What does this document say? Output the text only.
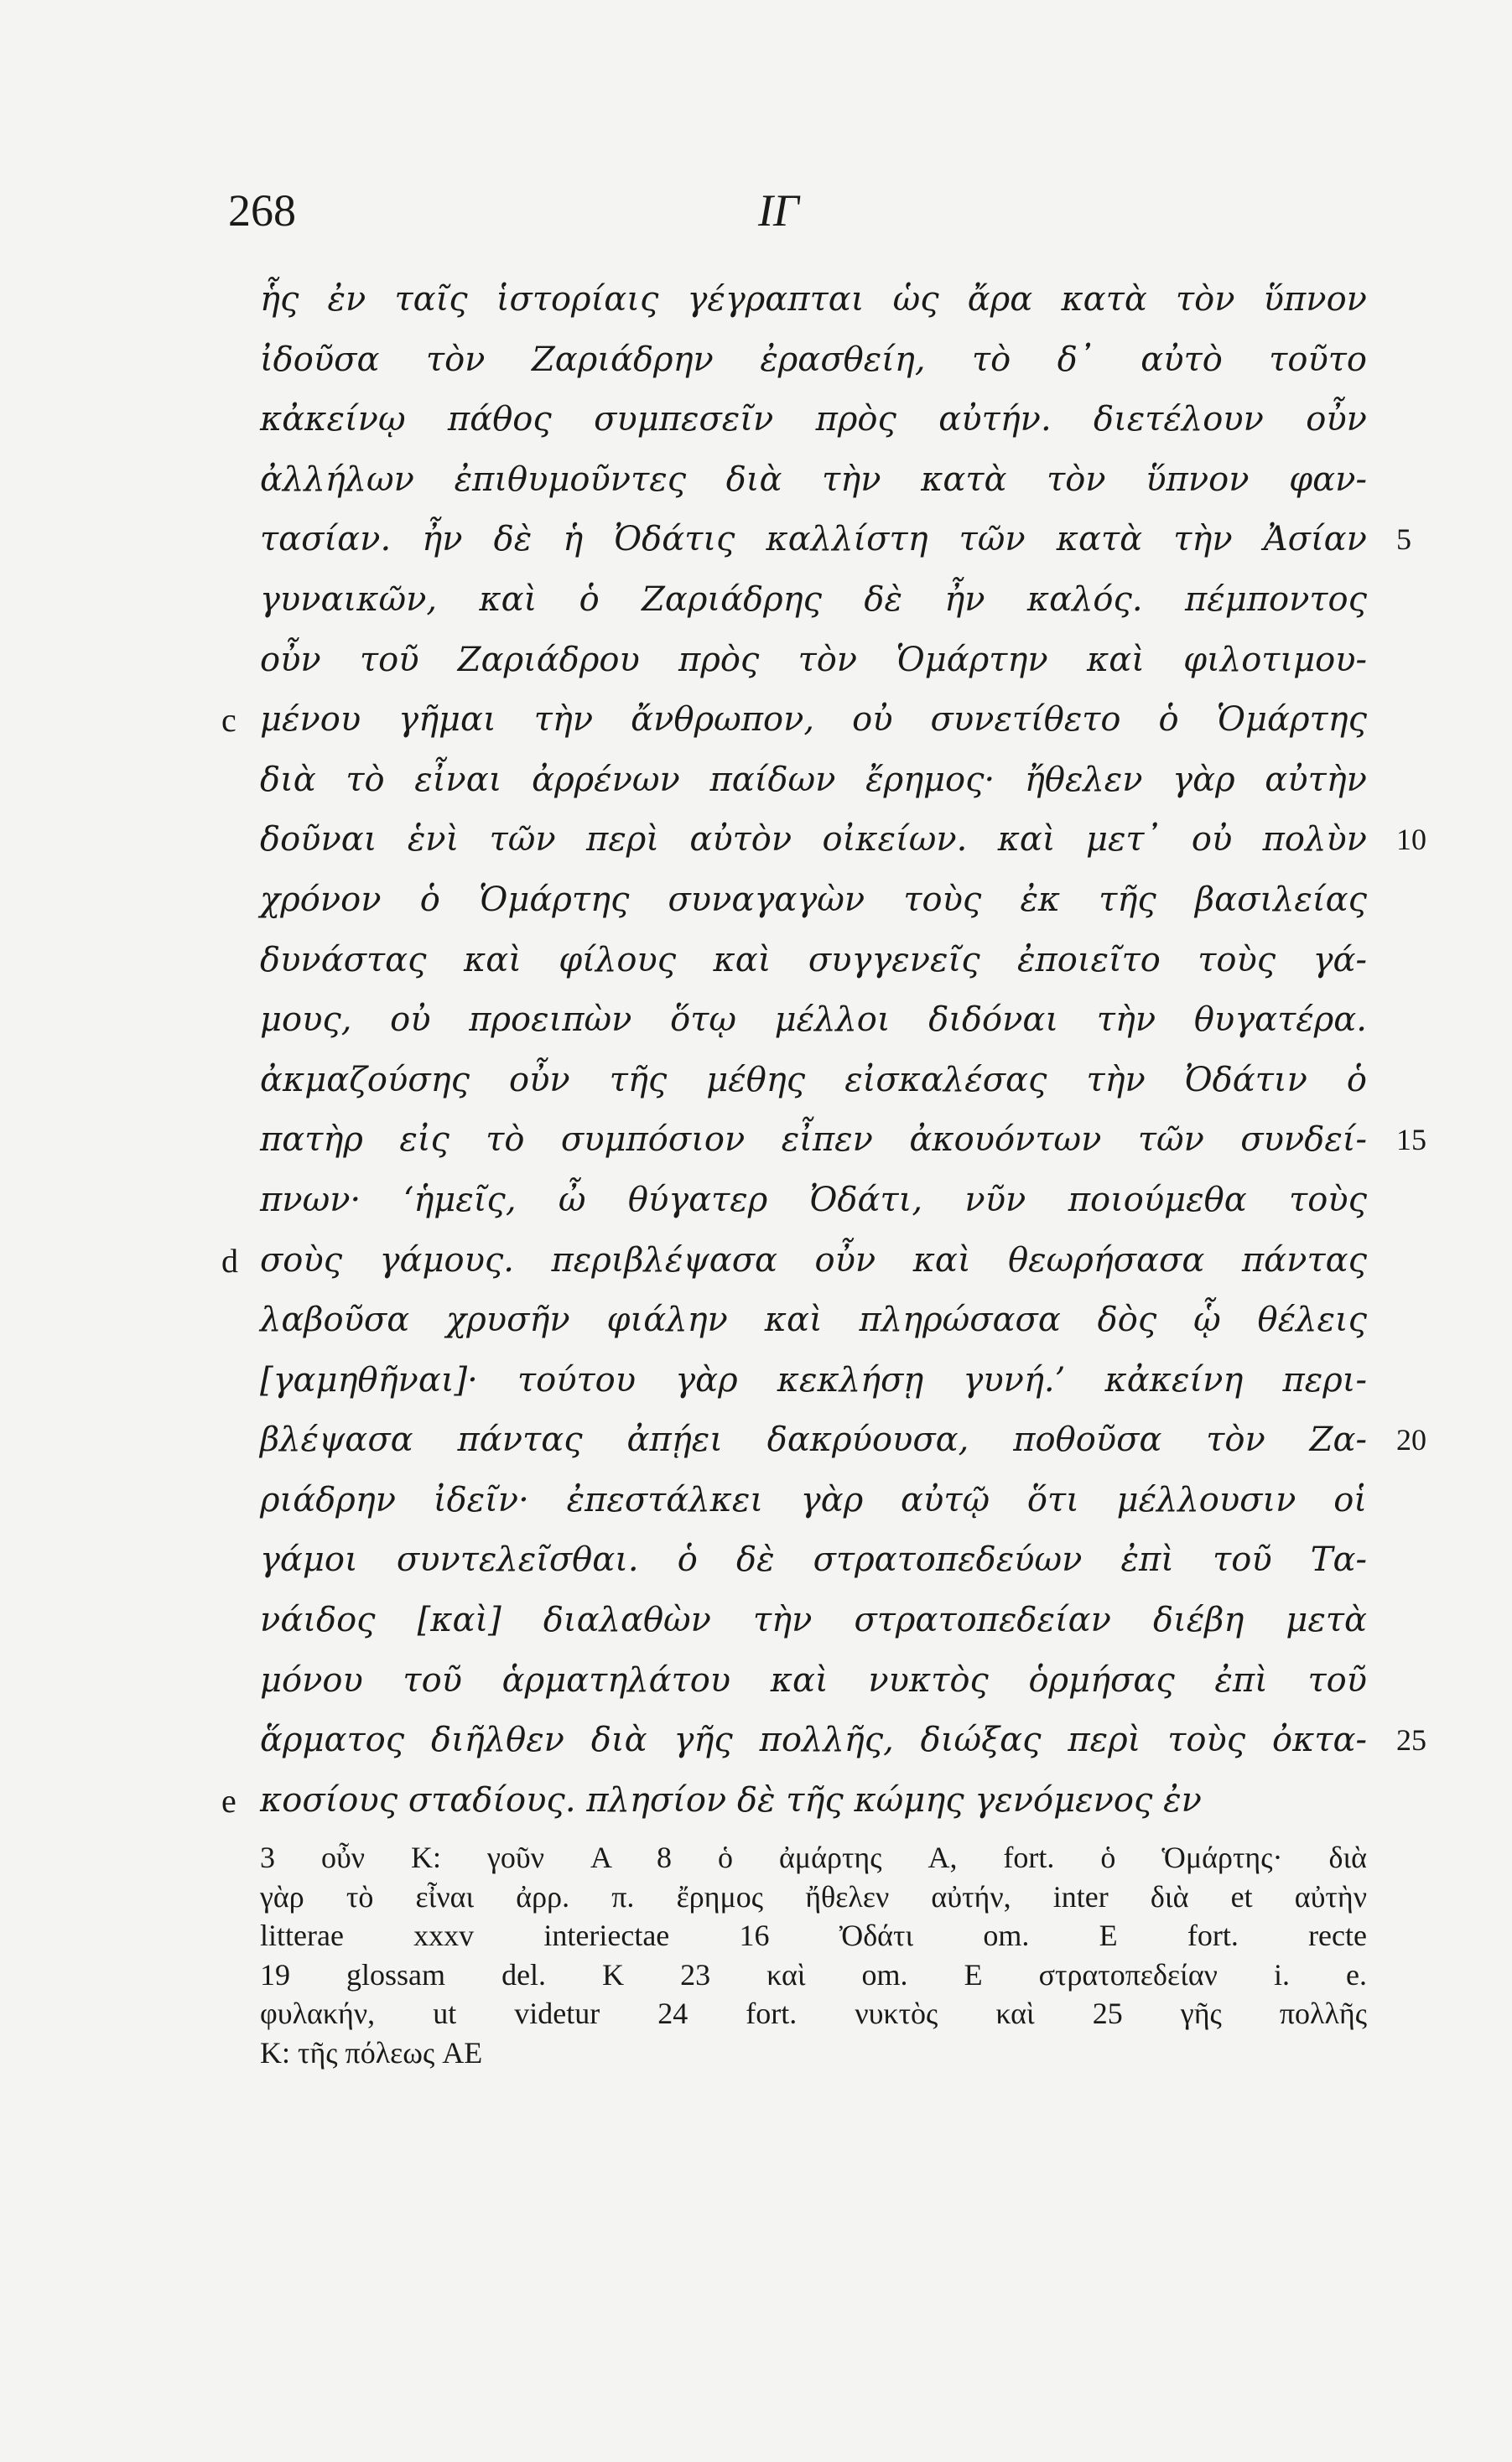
268	ΙΓ
ἧς ἐν ταῖς ἱστορίαις γέγραπται ὡς ἄρα κατὰ τὸν ὕπνον
ἰδοῦσα τὸν Ζαριάδρην ἐρασθείη, τὸ δ᾽ αὐτὸ τοῦτο
κἀκείνῳ πάθος συμπεσεῖν πρὸς αὐτήν. διετέλουν οὖν
ἀλλήλων ἐπιθυμοῦντες διὰ τὴν κατὰ τὸν ὕπνον φαν-
τασίαν. ἦν δὲ ἡ Ὀδάτις καλλίστη τῶν κατὰ τὴν Ἀσίαν 5
γυναικῶν, καὶ ὁ Ζαριάδρης δὲ ἦν καλός. πέμποντος
οὖν τοῦ Ζαριάδρου πρὸς τὸν Ὁμάρτην καὶ φιλοτιμου-
c μένου γῆμαι τὴν ἄνθρωπον, οὐ συνετίθετο ὁ Ὁμάρτης
διὰ τὸ εἶναι ἀρρένων παίδων ἔρημος· ἤθελεν γὰρ αὐτὴν
δοῦναι ἑνὶ τῶν περὶ αὐτὸν οἰκείων. καὶ μετ᾽ οὐ πολὺν 10
χρόνον ὁ Ὁμάρτης συναγαγὼν τοὺς ἐκ τῆς βασιλείας
δυνάστας καὶ φίλους καὶ συγγενεῖς ἐποιεῖτο τοὺς γά-
μους, οὐ προειπὼν ὅτῳ μέλλοι διδόναι τὴν θυγατέρα.
ἀκμαζούσης οὖν τῆς μέθης εἰσκαλέσας τὴν Ὀδάτιν ὁ
πατὴρ εἰς τὸ συμπόσιον εἶπεν ἀκουόντων τῶν συνδεί- 15
πνων· ‘ἡμεῖς, ὦ θύγατερ Ὀδάτι, νῦν ποιούμεθα τοὺς
d σοὺς γάμους. περιβλέψασα οὖν καὶ θεωρήσασα πάντας
λαβοῦσα χρυσῆν φιάλην καὶ πληρώσασα δὸς ᾧ θέλεις
[γαμηθῆναι]· τούτου γὰρ κεκλήσῃ γυνή.’ κἀκείνη περι-
βλέψασα πάντας ἀπῄει δακρύουσα, ποθοῦσα τὸν Ζα- 20
ριάδρην ἰδεῖν· ἐπεστάλκει γὰρ αὐτῷ ὅτι μέλλουσιν οἱ
γάμοι συντελεῖσθαι. ὁ δὲ στρατοπεδεύων ἐπὶ τοῦ Τα-
νάιδος [καὶ] διαλαθὼν τὴν στρατοπεδείαν διέβη μετὰ
μόνου τοῦ ἁρματηλάτου καὶ νυκτὸς ὁρμήσας ἐπὶ τοῦ
ἅρματος διῆλθεν διὰ γῆς πολλῆς, διώξας περὶ τοὺς ὀκτα- 25
e κοσίους σταδίους. πλησίον δὲ τῆς κώμης γενόμενος ἐν
3 οὖν K: γοῦν A 8 ὁ ἀμάρτης A, fort. ὁ Ὁμάρτης· διὰ
γὰρ τὸ εἶναι ἀρρ. π. ἔρημος ἤθελεν αὐτήν, inter διὰ et αὐτὴν
litterae xxxv interiectae 16 Ὀδάτι om. E fort. recte
19 glossam del. K 23 καὶ om. E στρατοπεδείαν i. e.
φυλακήν, ut videtur 24 fort. νυκτὸς καὶ 25 γῆς πολλῆς
K: τῆς πόλεως AE
